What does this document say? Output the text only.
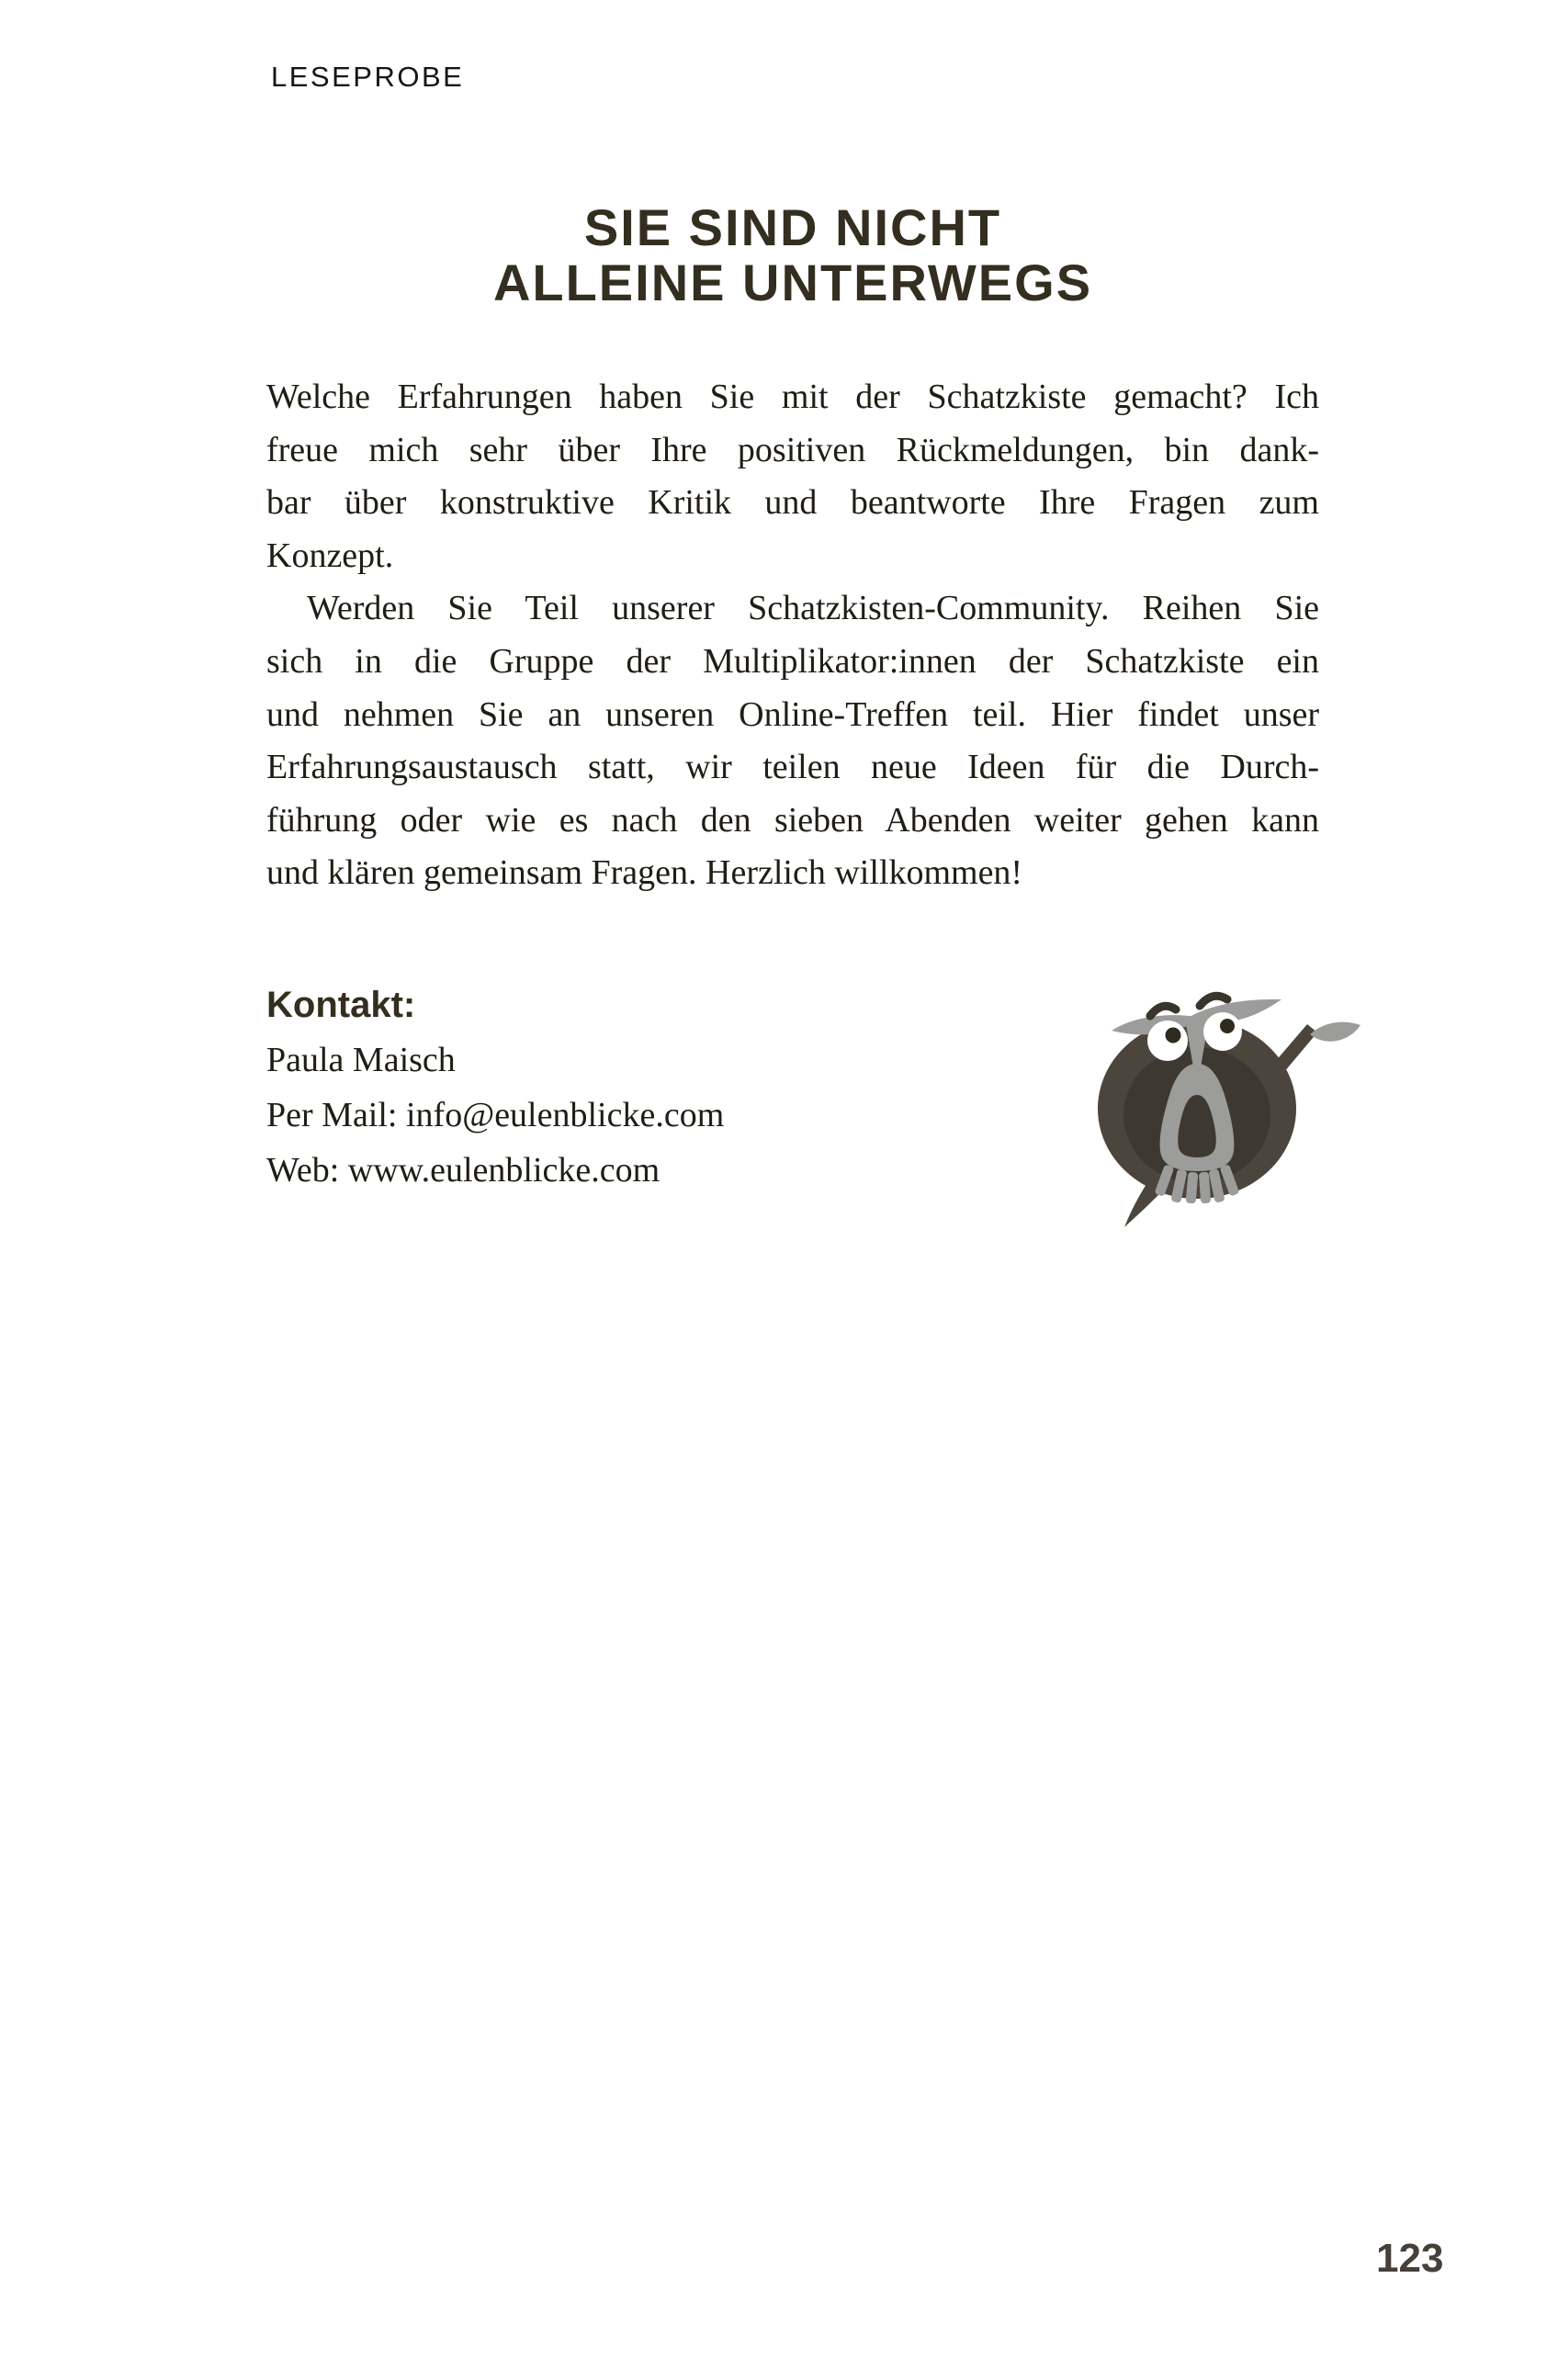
LESEPROBE
SIE SIND NICHT
ALLEINE UNTERWEGS
Welche Erfahrungen haben Sie mit der Schatzkiste gemacht? Ich
freue mich sehr über Ihre positiven Rückmeldungen, bin dank-
bar über konstruktive Kritik und beantworte Ihre Fragen zum
Konzept.
Werden Sie Teil unserer Schatzkisten-Community. Reihen Sie
sich in die Gruppe der Multiplikator:innen der Schatzkiste ein
und nehmen Sie an unseren Online-Treffen teil. Hier findet unser
Erfahrungsaustausch statt, wir teilen neue Ideen für die Durch-
führung oder wie es nach den sieben Abenden weiter gehen kann
und klären gemeinsam Fragen. Herzlich willkommen!
Kontakt:
Paula Maisch
Per Mail: info@eulenblicke.com
Web: www.eulenblicke.com
123
